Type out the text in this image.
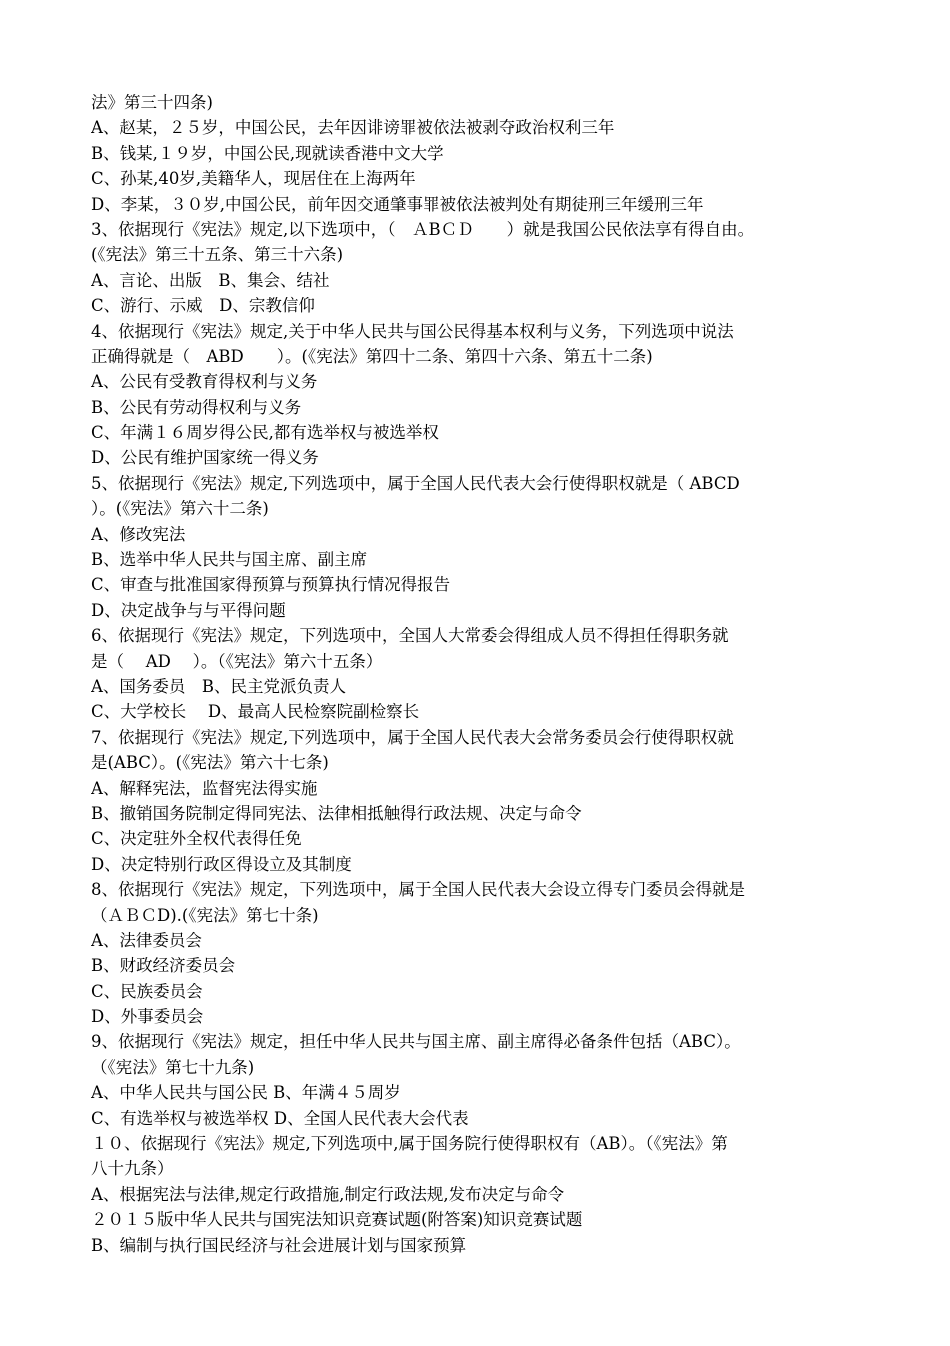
法》第三十四条)
A、赵某，２５岁，中国公民，去年因诽谤罪被依法被剥夺政治权利三年
B、钱某,１９岁，中国公民,现就读香港中文大学
C、孙某,40岁,美籍华人，现居住在上海两年
D、李某，３０岁,中国公民，前年因交通肇事罪被依法被判处有期徒刑三年缓刑三年
3、依据现行《宪法》规定,以下选项中，（　ＡBＣＤ　　）就是我国公民依法享有得自由。
(《宪法》第三十五条、第三十六条)
A、言论、出版　B、集会、结社
C、游行、示威　D、宗教信仰
4、依据现行《宪法》规定,关于中华人民共与国公民得基本权利与义务，下列选项中说法
正确得就是（　ABD　　）。(《宪法》第四十二条、第四十六条、第五十二条)
A、公民有受教育得权利与义务
B、公民有劳动得权利与义务
C、年满１６周岁得公民,都有选举权与被选举权
D、公民有维护国家统一得义务
5、依据现行《宪法》规定,下列选项中，属于全国人民代表大会行使得职权就是（ ABCD
）。(《宪法》第六十二条)
A、修改宪法
B、选举中华人民共与国主席、副主席
C、审查与批准国家得预算与预算执行情况得报告
D、决定战争与与平得问题
6、依据现行《宪法》规定，下列选项中，全国人大常委会得组成人员不得担任得职务就
是（　 AD　 ）。（《宪法》第六十五条）
A、国务委员　B、民主党派负责人
C、大学校长　 D、最高人民检察院副检察长
7、依据现行《宪法》规定,下列选项中，属于全国人民代表大会常务委员会行使得职权就
是(ABC）。(《宪法》第六十七条)
A、解释宪法，监督宪法得实施
B、撤销国务院制定得同宪法、法律相抵触得行政法规、决定与命令
C、决定驻外全权代表得任免
D、决定特别行政区得设立及其制度
8、依据现行《宪法》规定，下列选项中，属于全国人民代表大会设立得专门委员会得就是
（ＡＢＣD).(《宪法》第七十条)
A、法律委员会
B、财政经济委员会
C、民族委员会
D、外事委员会
9、依据现行《宪法》规定，担任中华人民共与国主席、副主席得必备条件包括（ABC）。
（《宪法》第七十九条)
A、中华人民共与国公民 B、年满４５周岁
C、有选举权与被选举权 D、全国人民代表大会代表
１０、依据现行《宪法》规定,下列选项中,属于国务院行使得职权有（AB）。（《宪法》第
八十九条）
A、根据宪法与法律,规定行政措施,制定行政法规,发布决定与命令
２０１５版中华人民共与国宪法知识竞赛试题(附答案)知识竞赛试题
B、编制与执行国民经济与社会进展计划与国家预算
